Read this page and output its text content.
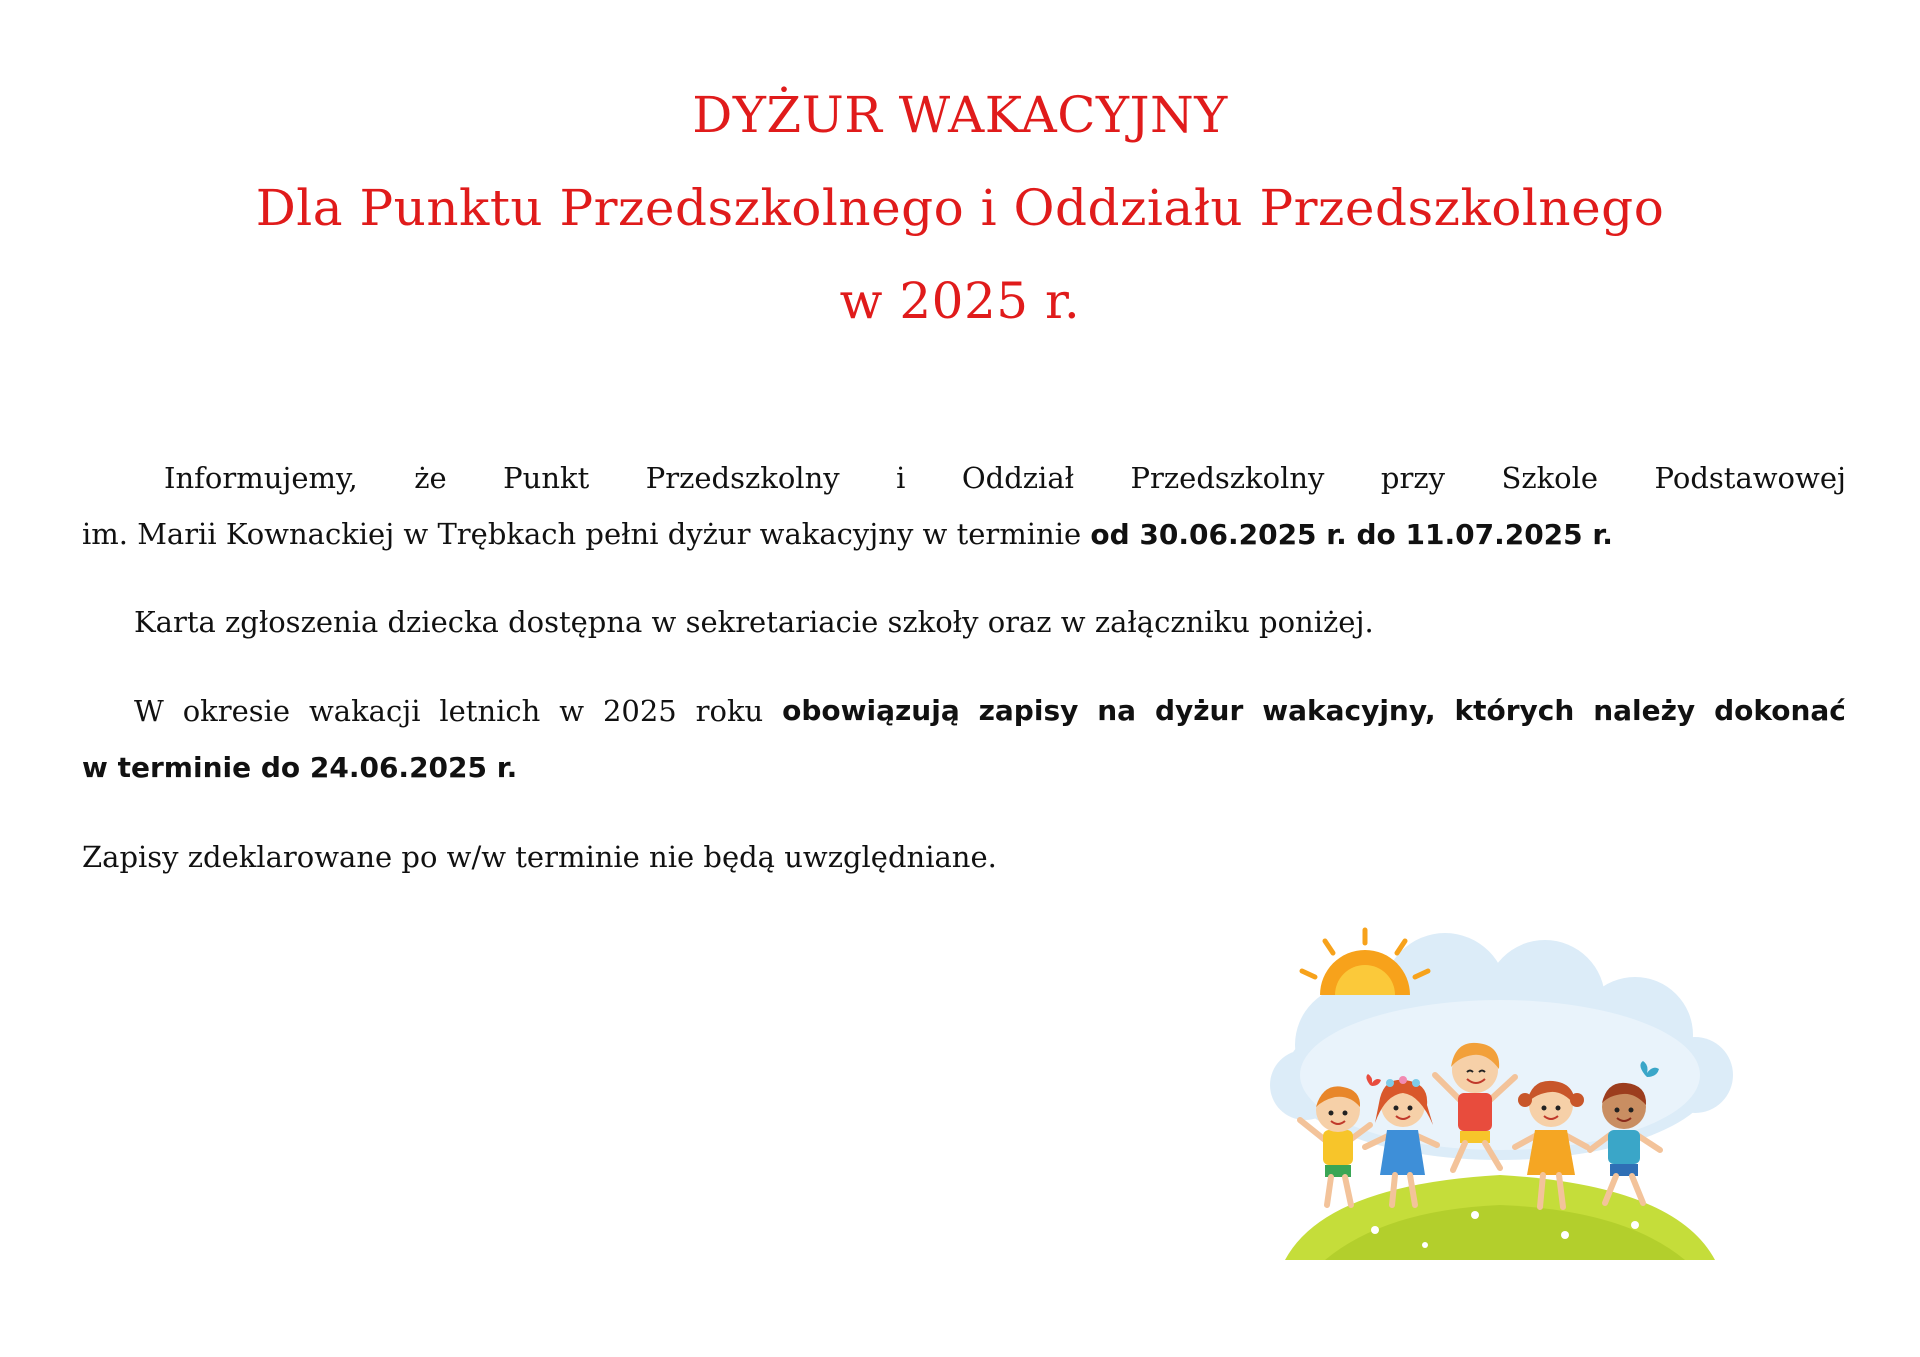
DYŻUR WAKACYJNY
Dla Punktu Przedszkolnego i Oddziału Przedszkolnego
w 2025 r.
Informujemy, że Punkt Przedszkolny i Oddział Przedszkolny przy Szkole Podstawowej
im. Marii Kownackiej w Trębkach pełni dyżur wakacyjny w terminie od 30.06.2025 r. do 11.07.2025 r.
Karta zgłoszenia dziecka dostępna w sekretariacie szkoły oraz w załączniku poniżej.
W okresie wakacji letnich w 2025 roku obowiązują zapisy na dyżur wakacyjny, których należy dokonać
w terminie do 24.06.2025 r.
Zapisy zdeklarowane po w/w terminie nie będą uwzględniane.
